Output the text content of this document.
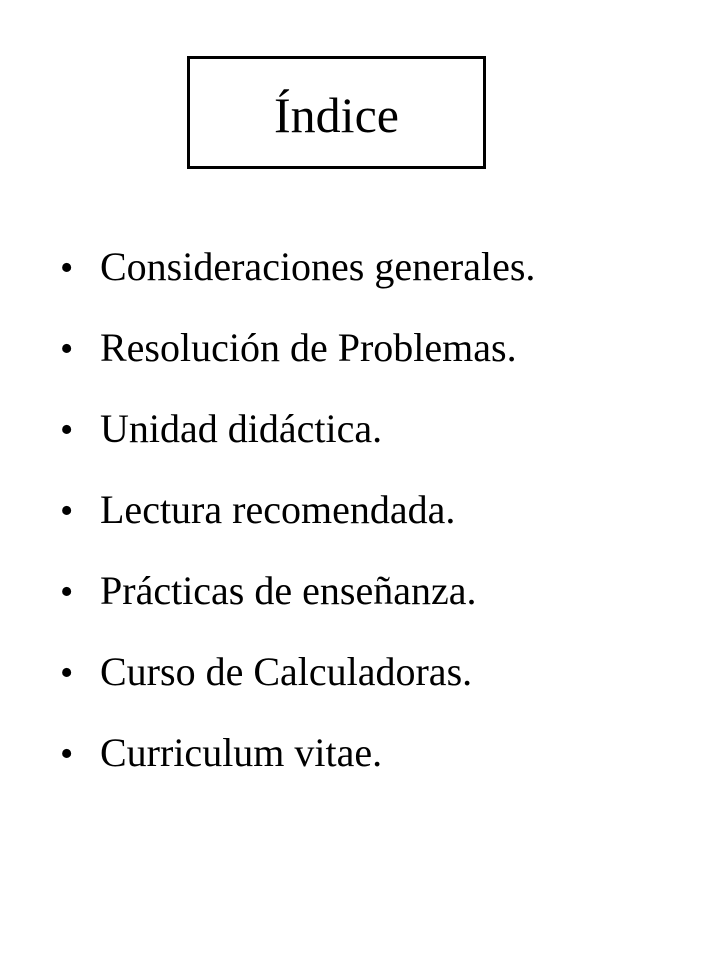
Índice
• Consideraciones generales.
• Resolución de Problemas.
• Unidad didáctica.
• Lectura recomendada.
• Prácticas de enseñanza.
• Curso de Calculadoras.
• Curriculum vitae.
